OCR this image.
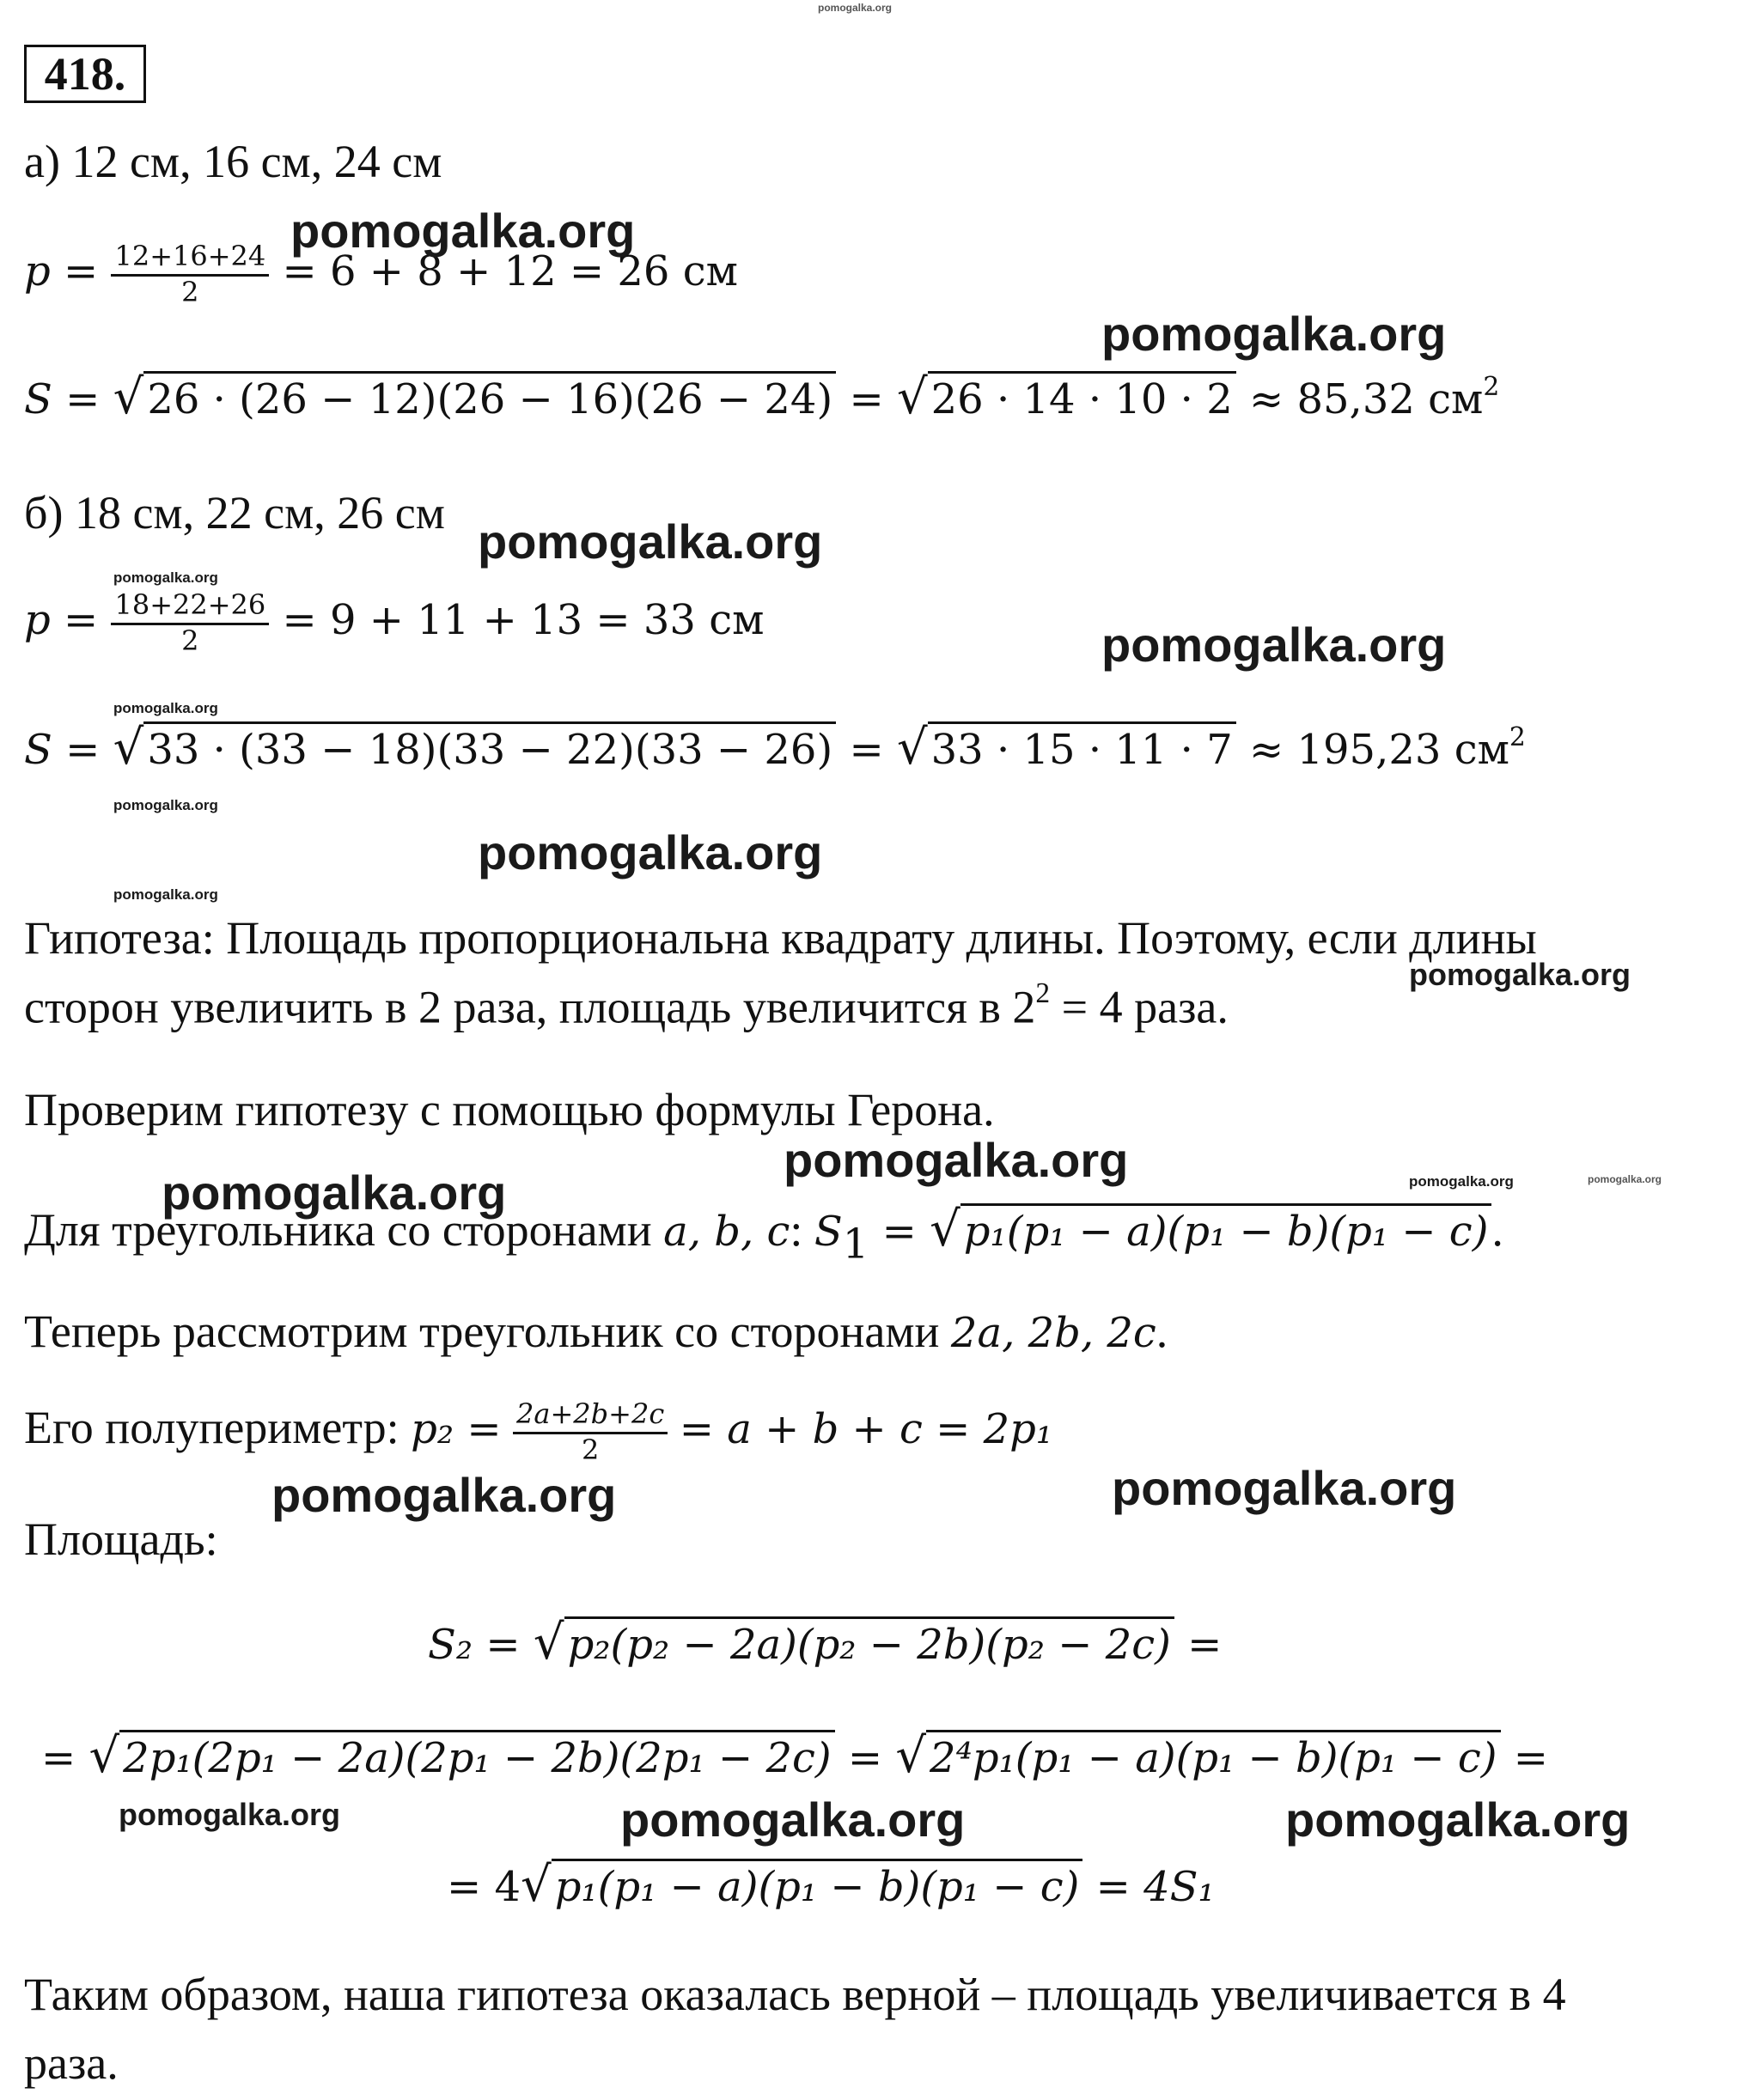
pomogalka.org
418.
а) 12 см, 16 см, 24 см
$p = \frac{12+16+24}{2} = 6 + 8 + 12 = 26$ см
S = √26 · (26 − 12)(26 − 16)(26 − 24) = √26 · 14 · 10 · 2 ≈ 85,32 $см^2$
б) 18 см, 22 см, 26 см
$p = \frac{18+22+26}{2} = 9 + 11 + 13 = 33$ см
S = √33 · (33 − 18)(33 − 22)(33 − 26) = √33 · 15 · 11 · 7 ≈ 195,23 $см^2$
Гипотеза: Площадь пропорциональна квадрату длины. Поэтому, если длины
сторон увеличить в 2 раза, площадь увеличится в $2^2 = 4$ раза.
Проверим гипотезу с помощью формулы Герона.
Для треугольника со сторонами a, b, c: $S_1 = √p_1(p_1 - a)(p_1 - b)(p_1 - c)$.
Теперь рассмотрим треугольник со сторонами 2a, 2b, 2c.
Его полупериметр: $p_2 = \frac{2a+2b+2c}{2} = a + b + c = 2p_1$
Площадь:
S₂ = √p₂(p₂ − 2a)(p₂ − 2b)(p₂ − 2c) =
= √2p₁(2p₁ − 2a)(2p₁ − 2b)(2p₁ − 2c) = √2⁴p₁(p₁ − a)(p₁ − b)(p₁ − c) =
= 4√p₁(p₁ − a)(p₁ − b)(p₁ − c) = 4S₁
Таким образом, наша гипотеза оказалась верной – площадь увеличивается в 4
раза.
pomogalka.org
pomogalka.org
pomogalka.org
pomogalka.org
pomogalka.org
pomogalka.org
pomogalka.org
pomogalka.org	pomogalka.org
pomogalka.org	pomogalka.org
pomogalka.org
pomogalka.org
pomogalka.org
pomogalka.org
pomogalka.org
pomogalka.org
pomogalka.org	pomogalka.org
